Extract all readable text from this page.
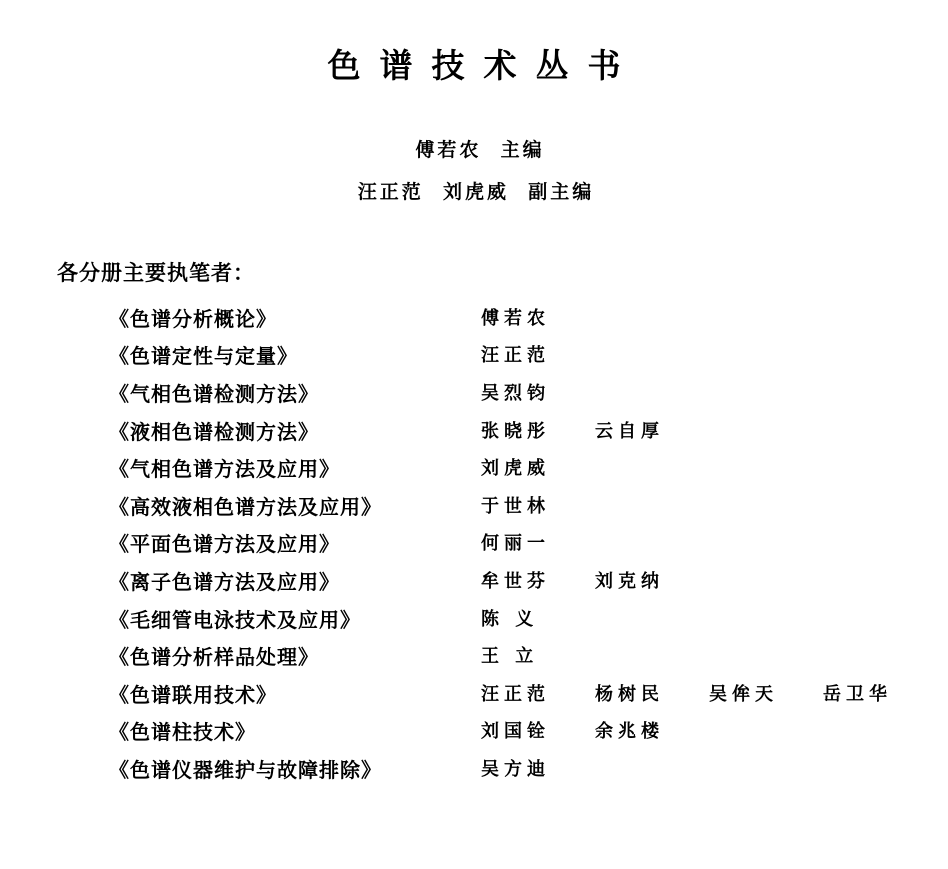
色谱技术丛书
傅若农  主编
汪正范  刘虎威  副主编
各分册主要执笔者：
《色谱分析概论》	傅若农
《色谱定性与定量》	汪正范
《气相色谱检测方法》	吴烈钧
《液相色谱检测方法》	张晓彤	云自厚
《气相色谱方法及应用》	刘虎威
《高效液相色谱方法及应用》	于世林
《平面色谱方法及应用》	何丽一
《离子色谱方法及应用》	牟世芬	刘克纳
《毛细管电泳技术及应用》	陈 义
《色谱分析样品处理》	王 立
《色谱联用技术》	汪正范	杨树民	吴侔天	岳卫华
《色谱柱技术》	刘国铨	余兆楼
《色谱仪器维护与故障排除》	吴方迪
